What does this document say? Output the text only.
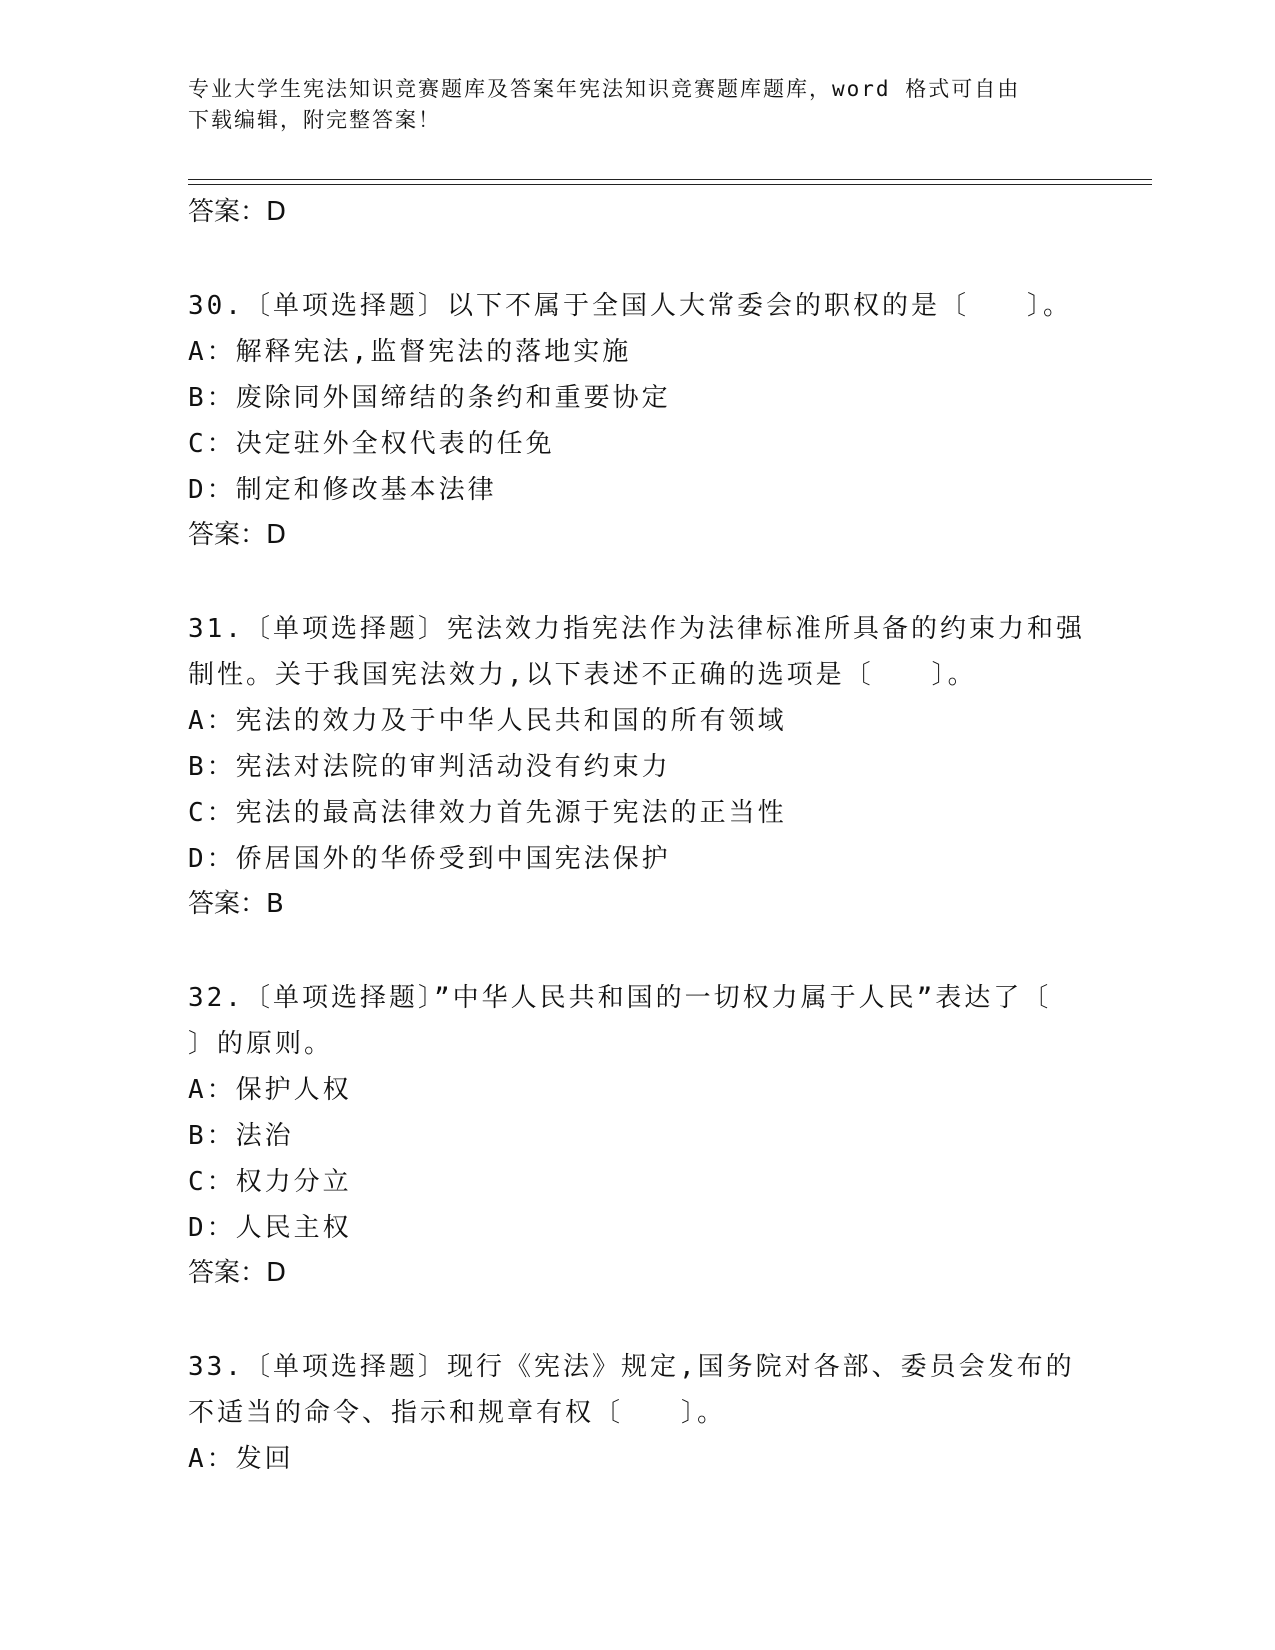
专业大学生宪法知识竞赛题库及答案年宪法知识竞赛题库题库，word 格式可自由
下载编辑，附完整答案！

答案：D

30.〔单项选择题〕以下不属于全国人大常委会的职权的是〔　　〕。

A：解释宪法,监督宪法的落地实施

B：废除同外国缔结的条约和重要协定

C：决定驻外全权代表的任免

D：制定和修改基本法律

答案：D

31.〔单项选择题〕宪法效力指宪法作为法律标准所具备的约束力和强

制性。关于我国宪法效力,以下表述不正确的选项是〔　　〕。

A：宪法的效力及于中华人民共和国的所有领域

B：宪法对法院的审判活动没有约束力

C：宪法的最高法律效力首先源于宪法的正当性

D：侨居国外的华侨受到中国宪法保护

答案：B

32.〔单项选择题〕”中华人民共和国的一切权力属于人民”表达了〔

〕的原则。

A：保护人权

B：法治

C：权力分立

D：人民主权

答案：D

33.〔单项选择题〕现行《宪法》规定,国务院对各部、委员会发布的

不适当的命令、指示和规章有权〔　　〕。

A：发回
